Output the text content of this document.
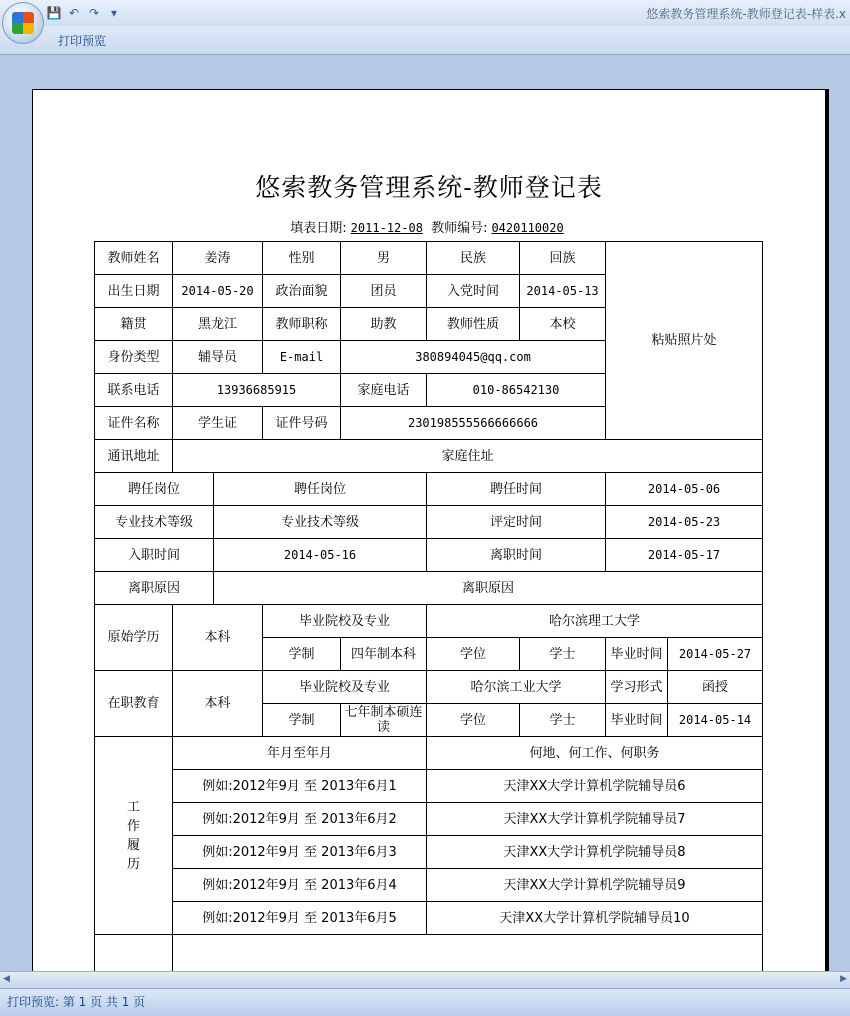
💾 ↶ ↷ ▾	悠索教务管理系统-教师登记表-样表.x
打印预览
悠索教务管理系统-教师登记表
填表日期: 2011-12-08 教师编号: 0420110020
教师姓名	姜涛		性别	男	民族	回族	粘贴照片处	
出生日期	2014-05-20		政治面貌	团员	入党时间	2014-05-13		
籍贯	黑龙江		教师职称	助教	教师性质	本校		
身份类型	辅导员		E-mail	380894045@qq.com				
联系电话	13936685915			家庭电话	010-86542130			
证件名称	学生证		证件号码	230198555566666666				
通讯地址	家庭住址							
聘任岗位		聘任岗位			聘任时间		2014-05-06	
专业技术等级		专业技术等级			评定时间		2014-05-23	
入职时间		2014-05-16			离职时间		2014-05-17	
离职原因		离职原因						
原始学历	本科		毕业院校及专业		哈尔滨理工大学			
			学制	四年制本科	学位	学士	毕业时间	2014-05-27
在职教育	本科		毕业院校及专业		哈尔滨工业大学		学习形式	函授
			学制	七年制本硕连读	学位	学士	毕业时间	2014-05-14
工
作
履
历	年月至年月				何地、何工作、何职务			
	例如:2012年9月 至 2013年6月1				天津XX大学计算机学院辅导员6			
	例如:2012年9月 至 2013年6月2				天津XX大学计算机学院辅导员7			
	例如:2012年9月 至 2013年6月3				天津XX大学计算机学院辅导员8			
	例如:2012年9月 至 2013年6月4				天津XX大学计算机学院辅导员9			
	例如:2012年9月 至 2013年6月5				天津XX大学计算机学院辅导员10			

◀	▶
打印预览: 第 1 页 共 1 页
